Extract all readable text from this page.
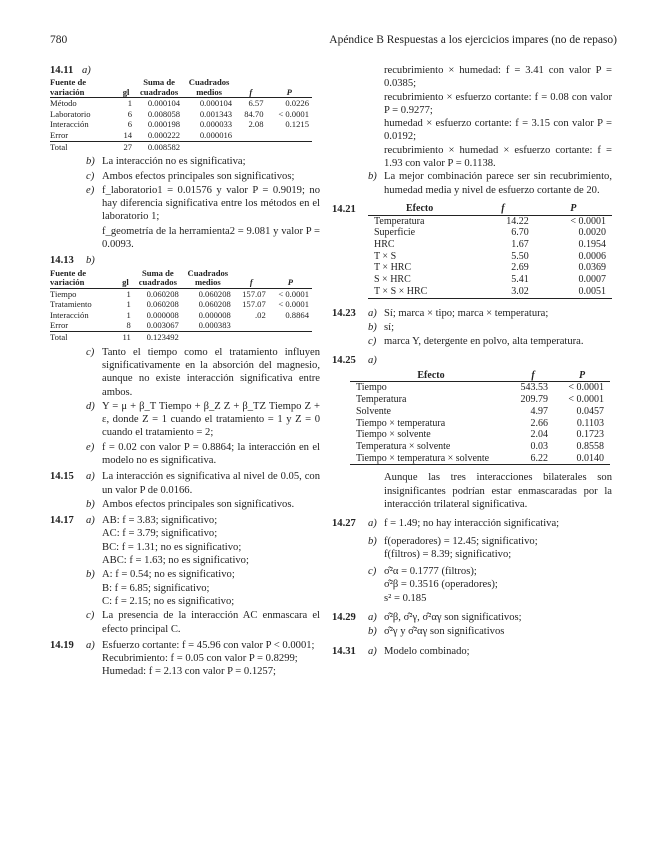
780	Apéndice B Respuestas a los ejercicios impares (no de repaso)
14.11 a)
Fuente de variación	gl	Suma de cuadrados	Cuadrados medios	f	P
Método	1	0.000104	0.000104	6.57	0.0226
Laboratorio	6	0.008058	0.001343	84.70	< 0.0001
Interacción	6	0.000198	0.000033	2.08	0.1215
Error	14	0.000222	0.000016		
Total	27	0.008582			
b) La interacción no es significativa;
c) Ambos efectos principales son significativos;
e) f_laboratorio1 = 0.01576 y valor P = 0.9019; no hay diferencia significativa entre los métodos en el laboratorio 1;
f_geometría de la herramienta2 = 9.081 y valor P = 0.0093.
14.13	b)
Fuente de variación	gl	Suma de cuadrados	Cuadrados medios	f	P
Tiempo	1	0.060208	0.060208	157.07	< 0.0001
Tratamiento	1	0.060208	0.060208	157.07	< 0.0001
Interacción	1	0.000008	0.000008	.02	0.8864
Error	8	0.003067	0.000383		
Total	11	0.123492			
c) Tanto el tiempo como el tratamiento influyen significativamente en la absorción del magnesio, aunque no existe interacción significativa entre ambos.
d) Y = μ + β_T Tiempo + β_Z Z + β_TZ Tiempo Z + ε, donde Z = 1 cuando el tratamiento = 1 y Z = 0 cuando el tratamiento = 2;
e) f = 0.02 con valor P = 0.8864; la interacción en el modelo no es significativa.
14.15	a) La interacción es significativa al nivel de 0.05, con un valor P de 0.0166.
b) Ambos efectos principales son significativos.
14.17	a) AB: f = 3.83; significativo;
AC: f = 3.79; significativo;
BC: f = 1.31; no es significativo;
ABC: f = 1.63; no es significativo;
b) A: f = 0.54; no es significativo;
B: f = 6.85; significativo;
C: f = 2.15; no es significativo;
c) La presencia de la interacción AC enmascara el efecto principal C.
14.19	a) Esfuerzo cortante: f = 45.96 con valor P < 0.0001;
Recubrimiento: f = 0.05 con valor P = 0.8299;
Humedad: f = 2.13 con valor P = 0.1257;
recubrimiento × humedad: f = 3.41 con valor P = 0.0385;
recubrimiento × esfuerzo cortante: f = 0.08 con valor P = 0.9277;
humedad × esfuerzo cortante: f = 3.15 con valor P = 0.0192;
recubrimiento × humedad × esfuerzo cortante: f = 1.93 con valor P = 0.1138.
b) La mejor combinación parece ser sin recubrimiento, humedad media y nivel de esfuerzo cortante de 20.
14.21	Efecto	f	P
Temperatura	14.22	< 0.0001
Superficie	6.70	0.0020
HRC	1.67	0.1954
T × S	5.50	0.0006
T × HRC	2.69	0.0369
S × HRC	5.41	0.0007
T × S × HRC	3.02	0.0051
14.23	a) Sí; marca × tipo; marca × temperatura;
b) sí;
c) marca Y, detergente en polvo, alta temperatura.
14.25	a)
Efecto	f	P
Tiempo	543.53	< 0.0001
Temperatura	209.79	< 0.0001
Solvente	4.97	0.0457
Tiempo × temperatura	2.66	0.1103
Tiempo × solvente	2.04	0.1723
Temperatura × solvente	0.03	0.8558
Tiempo × temperatura × solvente	6.22	0.0140
Aunque las tres interacciones bilaterales son insignificantes podrían estar enmascaradas por la interacción trilateral significativa.
14.27	a) f = 1.49; no hay interacción significativa;
b) f(operadores) = 12.45; significativo;
f(filtros) = 8.39; significativo;
c) σ̂²α = 0.1777 (filtros);
σ̂²β = 0.3516 (operadores);
s² = 0.185
14.29	a) σ̂²β, σ̂²γ, σ̂²αγ son significativos;
b) σ̂²γ y σ̂²αγ son significativos
14.31	a) Modelo combinado;
